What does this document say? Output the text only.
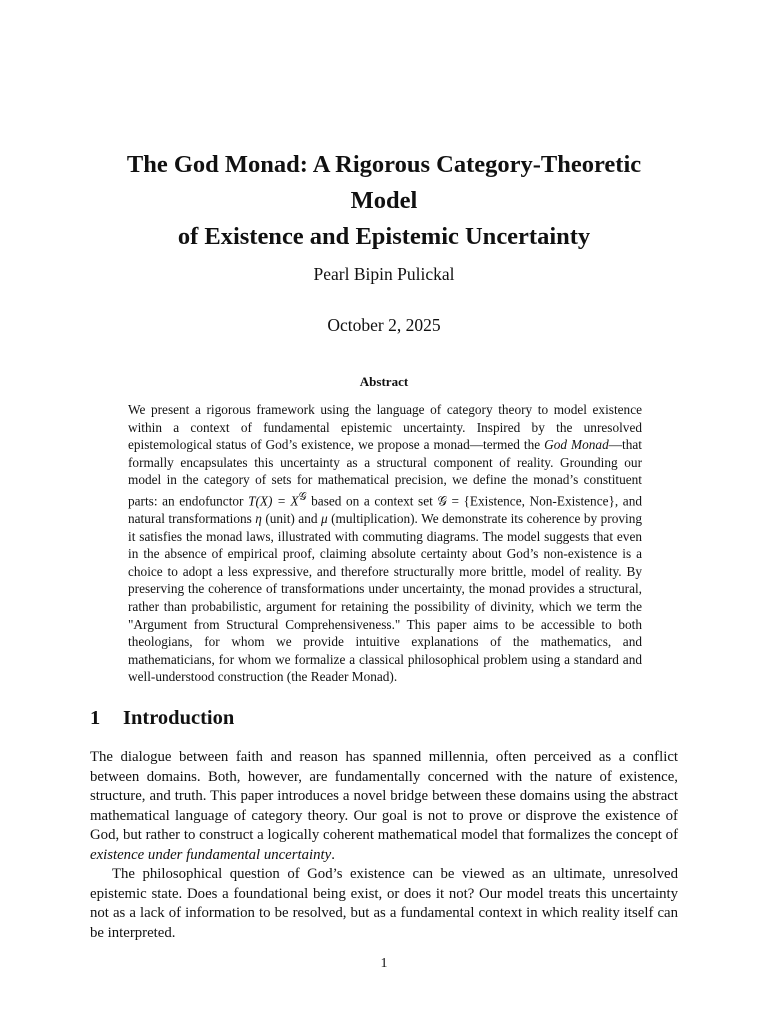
The God Monad: A Rigorous Category-Theoretic
Model
of Existence and Epistemic Uncertainty
Pearl Bipin Pulickal
October 2, 2025
Abstract
We present a rigorous framework using the language of category theory to model existence within a context of fundamental epistemic uncertainty. Inspired by the unresolved epistemological status of God’s existence, we propose a monad—termed the God Monad—that formally encapsulates this uncertainty as a structural component of reality. Grounding our model in the category of sets for mathematical precision, we define the monad’s constituent parts: an endofunctor $T(X) = X^𝒢$ based on a context set 𝒢 = {Existence, Non-Existence}, and natural transformations η (unit) and μ (multiplication). We demonstrate its coherence by proving it satisfies the monad laws, illustrated with commuting diagrams. The model suggests that even in the absence of empirical proof, claiming absolute certainty about God’s non-existence is a choice to adopt a less expressive, and therefore structurally more brittle, model of reality. By preserving the coherence of transformations under uncertainty, the monad provides a structural, rather than probabilistic, argument for retaining the possibility of divinity, which we term the "Argument from Structural Comprehensiveness." This paper aims to be accessible to both theologians, for whom we provide intuitive explanations of the mathematics, and mathematicians, for whom we formalize a classical philosophical problem using a standard and well-understood construction (the Reader Monad).
1 Introduction

The dialogue between faith and reason has spanned millennia, often perceived as a conflict between domains. Both, however, are fundamentally concerned with the nature of existence, structure, and truth. This paper introduces a novel bridge between these domains using the abstract mathematical language of category theory. Our goal is not to prove or disprove the existence of God, but rather to construct a logically coherent mathematical model that formalizes the concept of existence under fundamental uncertainty.

The philosophical question of God’s existence can be viewed as an ultimate, unresolved epistemic state. Does a foundational being exist, or does it not? Our model treats this uncertainty not as a lack of information to be resolved, but as a fundamental context in which reality itself can be interpreted.

1
